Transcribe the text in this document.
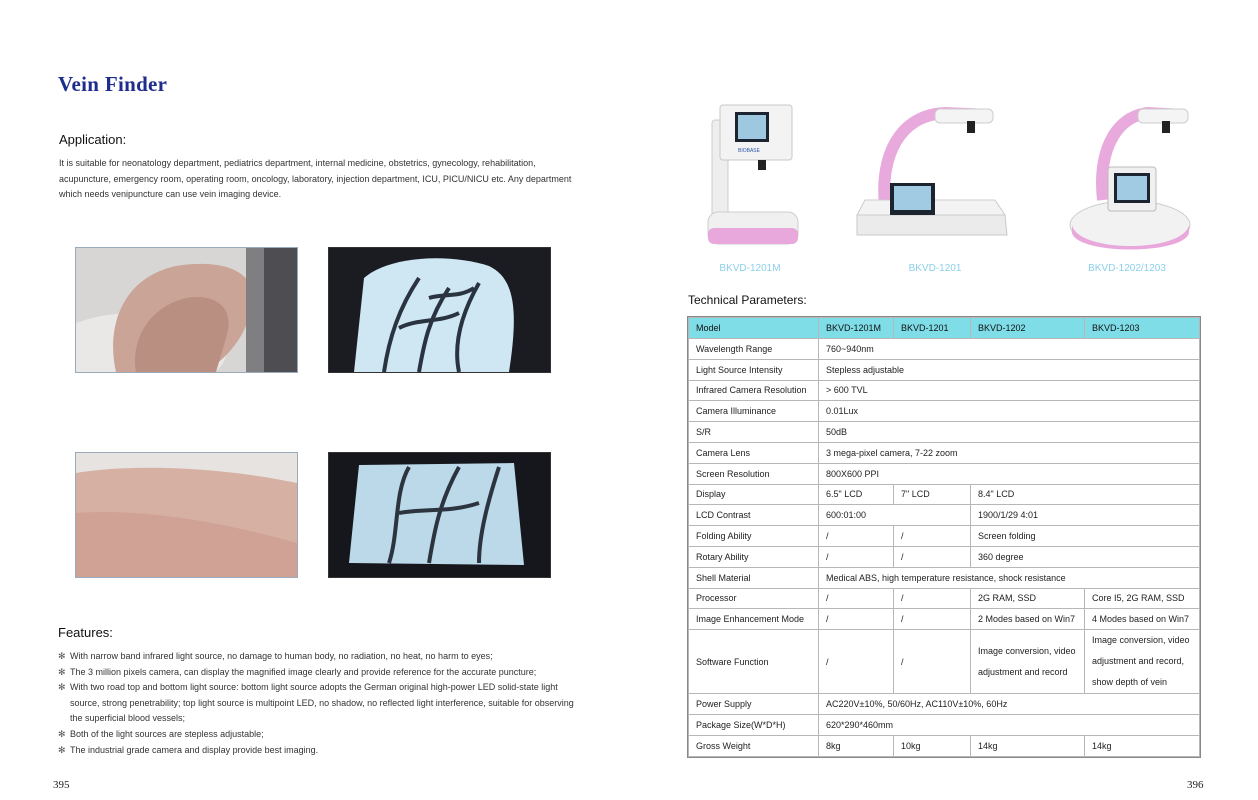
Vein Finder
Application:
It is suitable for neonatology department, pediatrics department, internal medicine, obstetrics, gynecology, rehabilitation, acupuncture, emergency room, operating room, oncology, laboratory, injection department, ICU, PICU/NICU etc. Any department which needs venipuncture can use vein imaging device.
Features:
✻ With narrow band infrared light source, no damage to human body, no radiation, no heat, no harm to eyes;
✻ The 3 million pixels camera, can display the magnified image clearly and provide reference for the accurate puncture;
✻ With two road top and bottom light source: bottom light source adopts the German original high-power LED solid-state light source, strong penetrability; top light source is multipoint LED, no shadow, no reflected light interference, suitable for observing the superficial blood vessels;
✻ Both of the light sources are stepless adjustable;
✻ The industrial grade camera and display provide best imaging.
395
BIOBASE
BKVD-1201M	BKVD-1201	BKVD-1202/1203
Technical Parameters:
Model	BKVD-1201M	BKVD-1201	BKVD-1202	BKVD-1203
Wavelength Range	760~940nm			
Light Source Intensity	Stepless adjustable			
Infrared Camera Resolution	> 600 TVL			
Camera Illuminance	0.01Lux			
S/R	50dB			
Camera Lens	3 mega-pixel camera, 7-22 zoom			
Screen Resolution	800X600 PPI			
Display	6.5" LCD	7" LCD	8.4" LCD	
LCD Contrast	600:01:00		1900/1/29 4:01	
Folding Ability	/	/	Screen folding	
Rotary Ability	/	/	360 degree	
Shell Material	Medical ABS, high temperature resistance, shock resistance			
Processor	/	/	2G RAM, SSD	Core I5, 2G RAM, SSD
Image Enhancement Mode	/	/	2 Modes based on Win7	4 Modes based on Win7
Software Function	/	/	Image conversion, video adjustment and record	Image conversion, video adjustment and record, show depth of vein
Power Supply	AC220V±10%, 50/60Hz, AC110V±10%, 60Hz			
Package Size(W*D*H)	620*290*460mm			
Gross Weight	8kg	10kg	14kg	14kg
396
